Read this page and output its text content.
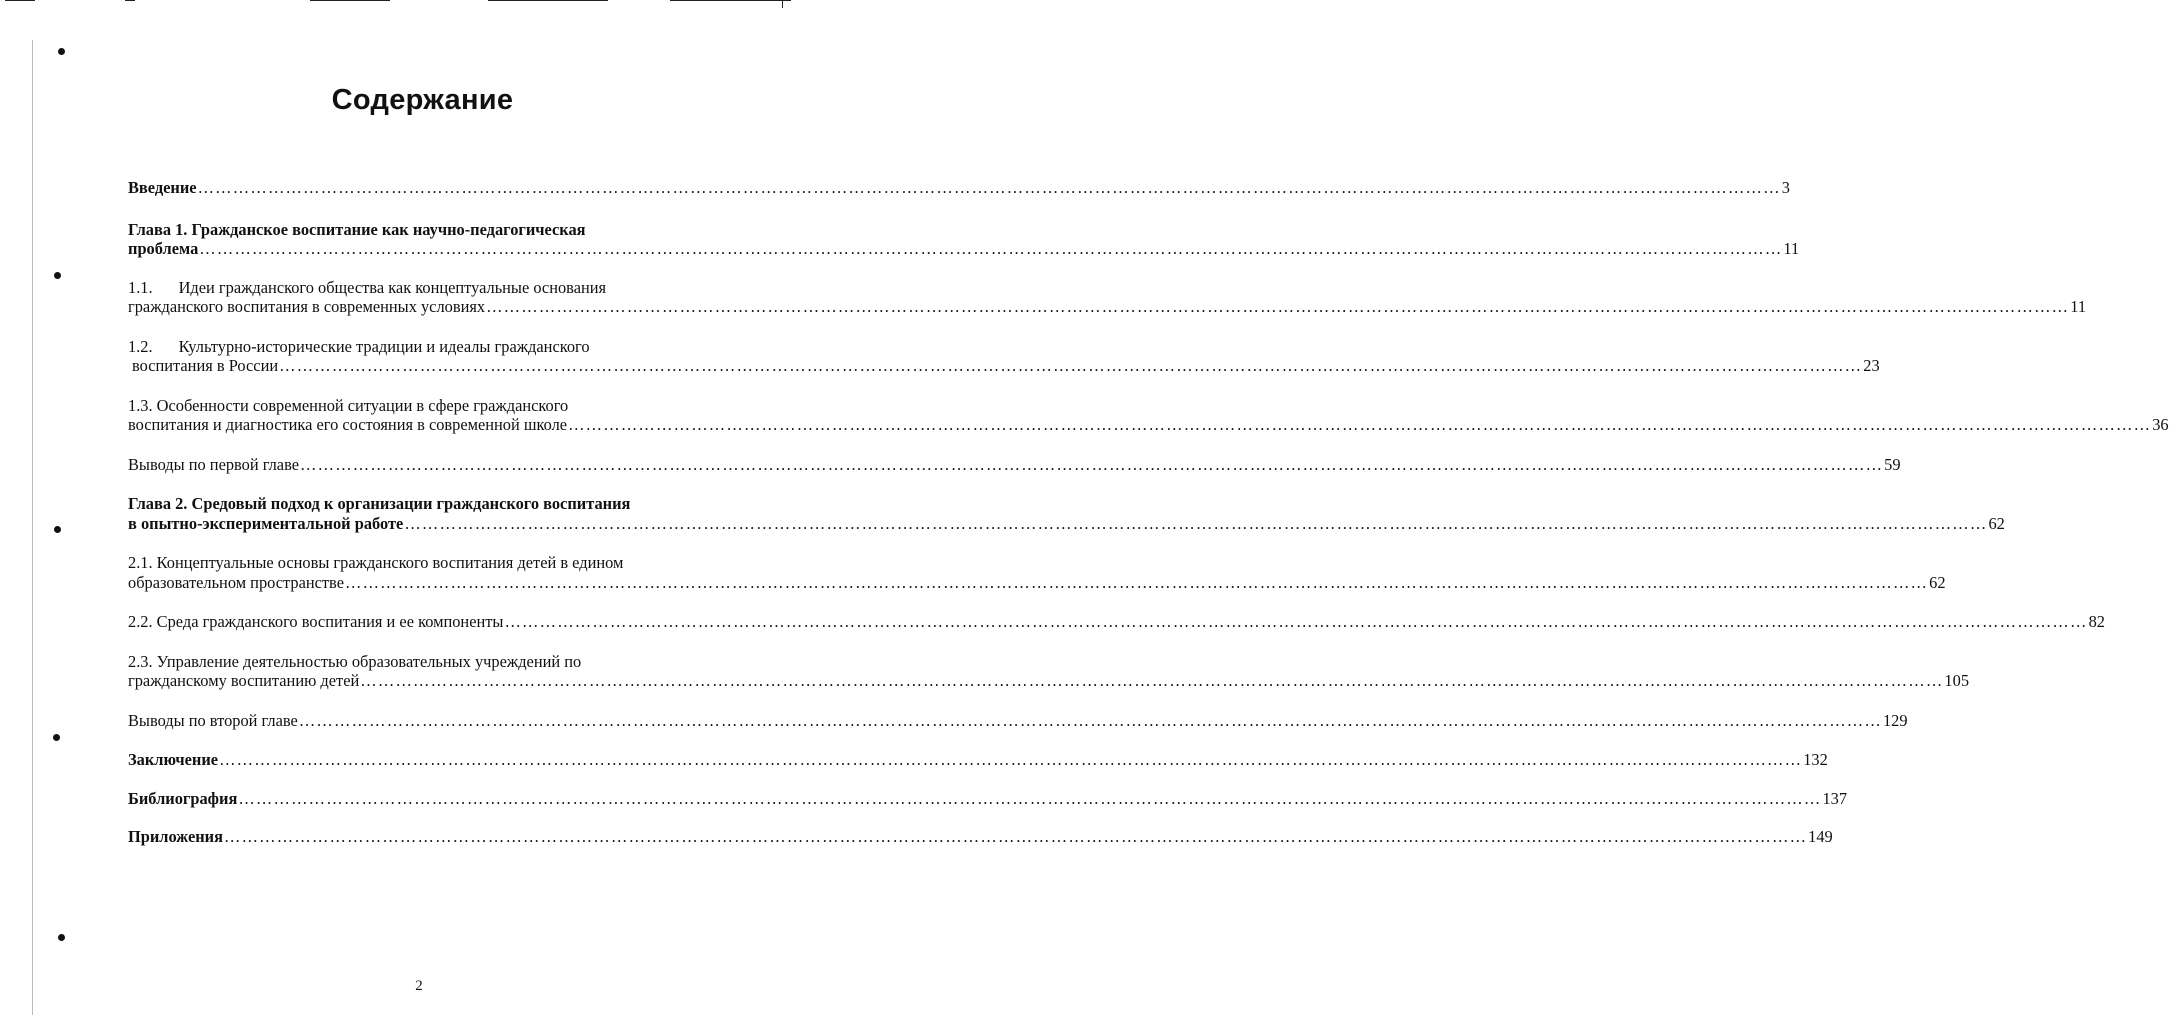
Содержание
Введение ……………………………………………………………………………………………………………………………………………………………………………………………………………………………………………… 3
Глава 1. Гражданское воспитание как научно-педагогическая
проблема ……………………………………………………………………………………………………………………………………………………………………………………………………………………………………………… 11
1.1. Идеи гражданского общества как концептуальные основания
гражданского воспитания в современных условиях ……………………………………………………………………………………………………………………………………………………………………………………………………………………………………………… 11
1.2. Культурно-исторические традиции и идеалы гражданского
воспитания в России ……………………………………………………………………………………………………………………………………………………………………………………………………………………………………………… 23
1.3. Особенности современной ситуации в сфере гражданского
воспитания и диагностика его состояния в современной школе ……………………………………………………………………………………………………………………………………………………………………………………………………………………………………………… 36
Выводы по первой главе ……………………………………………………………………………………………………………………………………………………………………………………………………………………………………………… 59
Глава 2. Средовый подход к организации гражданского воспитания
в опытно-экспериментальной работе ……………………………………………………………………………………………………………………………………………………………………………………………………………………………………………… 62
2.1. Концептуальные основы гражданского воспитания детей в едином
образовательном пространстве ……………………………………………………………………………………………………………………………………………………………………………………………………………………………………………… 62
2.2. Среда гражданского воспитания и ее компоненты ……………………………………………………………………………………………………………………………………………………………………………………………………………………………………………… 82
2.3. Управление деятельностью образовательных учреждений по
гражданскому воспитанию детей ……………………………………………………………………………………………………………………………………………………………………………………………………………………………………………… 105
Выводы по второй главе ……………………………………………………………………………………………………………………………………………………………………………………………………………………………………………… 129
Заключение ……………………………………………………………………………………………………………………………………………………………………………………………………………………………………………… 132
Библиография ……………………………………………………………………………………………………………………………………………………………………………………………………………………………………………… 137
Приложения ……………………………………………………………………………………………………………………………………………………………………………………………………………………………………………… 149
2
